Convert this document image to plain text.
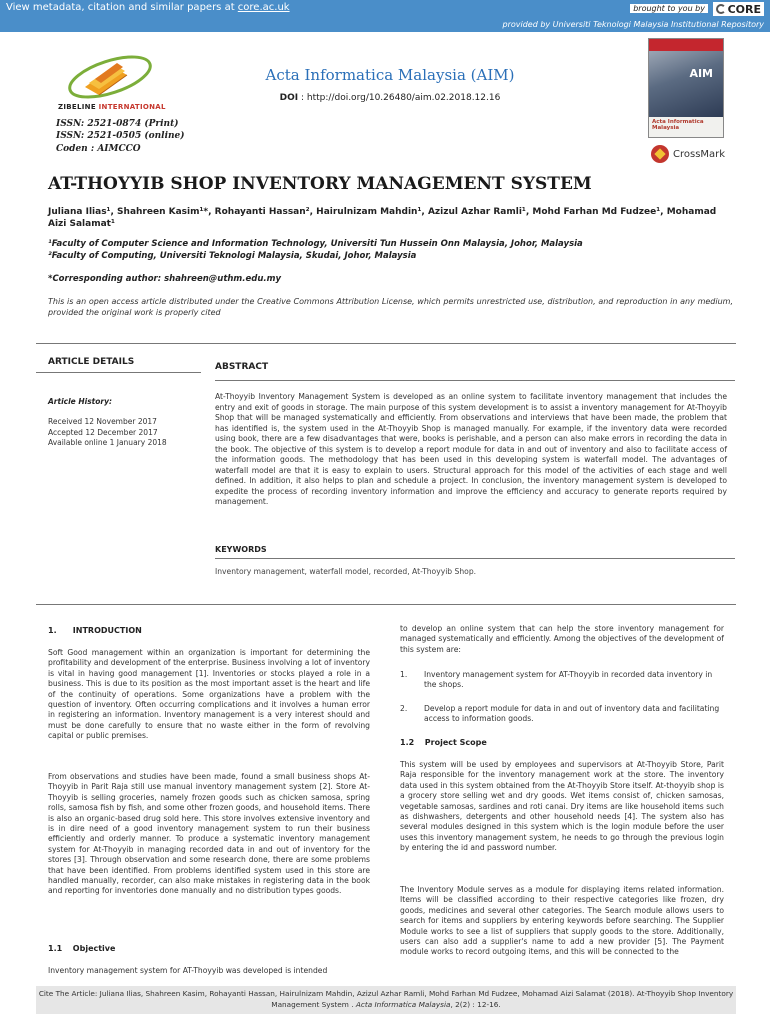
View metadata, citation and similar papers at core.ac.uk	brought to you by CORE
provided by Universiti Teknologi Malaysia Institutional Repository
ZIBELINE INTERNATIONAL
Acta Informatica Malaysia (AIM)
DOI : http://doi.org/10.26480/aim.02.2018.12.16
ISSN: 2521-0874 (Print)
ISSN: 2521-0505 (online)
Coden : AIMCCO
AIM
Acta Informatica Malaysia
CrossMark
AT-THOYYIB SHOP INVENTORY MANAGEMENT SYSTEM
Juliana Ilias¹, Shahreen Kasim¹*, Rohayanti Hassan², Hairulnizam Mahdin¹, Azizul Azhar Ramli¹, Mohd Farhan Md Fudzee¹, Mohamad Aizi Salamat¹
¹Faculty of Computer Science and Information Technology, Universiti Tun Hussein Onn Malaysia, Johor, Malaysia
²Faculty of Computing, Universiti Teknologi Malaysia, Skudai, Johor, Malaysia
*Corresponding author: shahreen@uthm.edu.my
This is an open access article distributed under the Creative Commons Attribution License, which permits unrestricted use, distribution, and reproduction in any medium, provided the original work is properly cited
ARTICLE DETAILS	ABSTRACT
Article History:
Received 12 November 2017
Accepted 12 December 2017
Available online 1 January 2018
At-Thoyyib Inventory Management System is developed as an online system to facilitate inventory management that includes the entry and exit of goods in storage. The main purpose of this system development is to assist a inventory management for At-Thoyyib Shop that will be managed systematically and efficiently. From observations and interviews that have been made, the problem that has identified is, the system used in the At-Thoyyib Shop is managed manually. For example, if the inventory data were recorded using book, there are a few disadvantages that were, books is perishable, and a person can also make errors in recording the data in the book. The objective of this system is to develop a report module for data in and out of inventory and also to facilitate access of the information goods. The methodology that has been used in this developing system is waterfall model. The advantages of waterfall model are that it is easy to explain to users. Structural approach for this model of the activities of each stage and well defined. In addition, it also helps to plan and schedule a project. In conclusion, the inventory management system is developed to expedite the process of recording inventory information and improve the efficiency and accuracy to generate reports required by management.
KEYWORDS
Inventory management, waterfall model, recorded, At-Thoyyib Shop.
1. INTRODUCTION
Soft Good management within an organization is important for determining the profitability and development of the enterprise. Business involving a lot of inventory is vital in having good management [1]. Inventories or stocks played a role in a business. This is due to its position as the most important asset is the heart and life of the continuity of operations. Some organizations have a problem with the question of inventory. Often occurring complications and it involves a human error in registering an information. Inventory management is a very interest should and must be done carefully to ensure that no waste either in the form of revolving capital or public premises.
From observations and studies have been made, found a small business shops At-Thoyyib in Parit Raja still use manual inventory management system [2]. Store At-Thoyyib is selling groceries, namely frozen goods such as chicken samosa, spring rolls, samosa fish by fish, and some other frozen goods, and household items. There is also an organic-based drug sold here. This store involves extensive inventory and is in dire need of a good inventory management system to run their business efficiently and orderly manner. To produce a systematic inventory management system for At-Thoyyib in managing recorded data in and out of inventory for the stores [3]. Through observation and some research done, there are some problems that have been identified. From problems identified system used in this store are handled manually, recorder, can also make mistakes in registering data in the book and reporting for inventories done manually and no distribution types goods.
1.1 Objective
Inventory management system for AT-Thoyyib was developed is intended
to develop an online system that can help the store inventory management for managed systematically and efficiently. Among the objectives of the development of this system are:
1. Inventory management system for AT-Thoyyib in recorded data inventory in the shops.
2. Develop a report module for data in and out of inventory data and facilitating access to information goods.
1.2 Project Scope
This system will be used by employees and supervisors at At-Thoyyib Store, Parit Raja responsible for the inventory management work at the store. The inventory data used in this system obtained from the At-Thoyyib Store itself. At-thoyyib shop is a grocery store selling wet and dry goods. Wet items consist of, chicken samosas, vegetable samosas, sardines and roti canai. Dry items are like household items such as dishwashers, detergents and other household needs [4]. The system also has several modules designed in this system which is the login module before the user uses this inventory management system, he needs to go through the previous login by entering the id and password number.
The Inventory Module serves as a module for displaying items related information. Items will be classified according to their respective categories like frozen, dry goods, medicines and several other categories. The Search module allows users to search for items and suppliers by entering keywords before searching. The Supplier Module works to see a list of suppliers that supply goods to the store. Additionally, users can also add a supplier's name to add a new provider [5]. The Payment module works to record outgoing items, and this will be connected to the
Cite The Article: Juliana Ilias, Shahreen Kasim, Rohayanti Hassan, Hairulnizam Mahdin, Azizul Azhar Ramli, Mohd Farhan Md Fudzee, Mohamad Aizi Salamat (2018). At-Thoyyib Shop Inventory Management System . Acta Informatica Malaysia, 2(2) : 12-16.
